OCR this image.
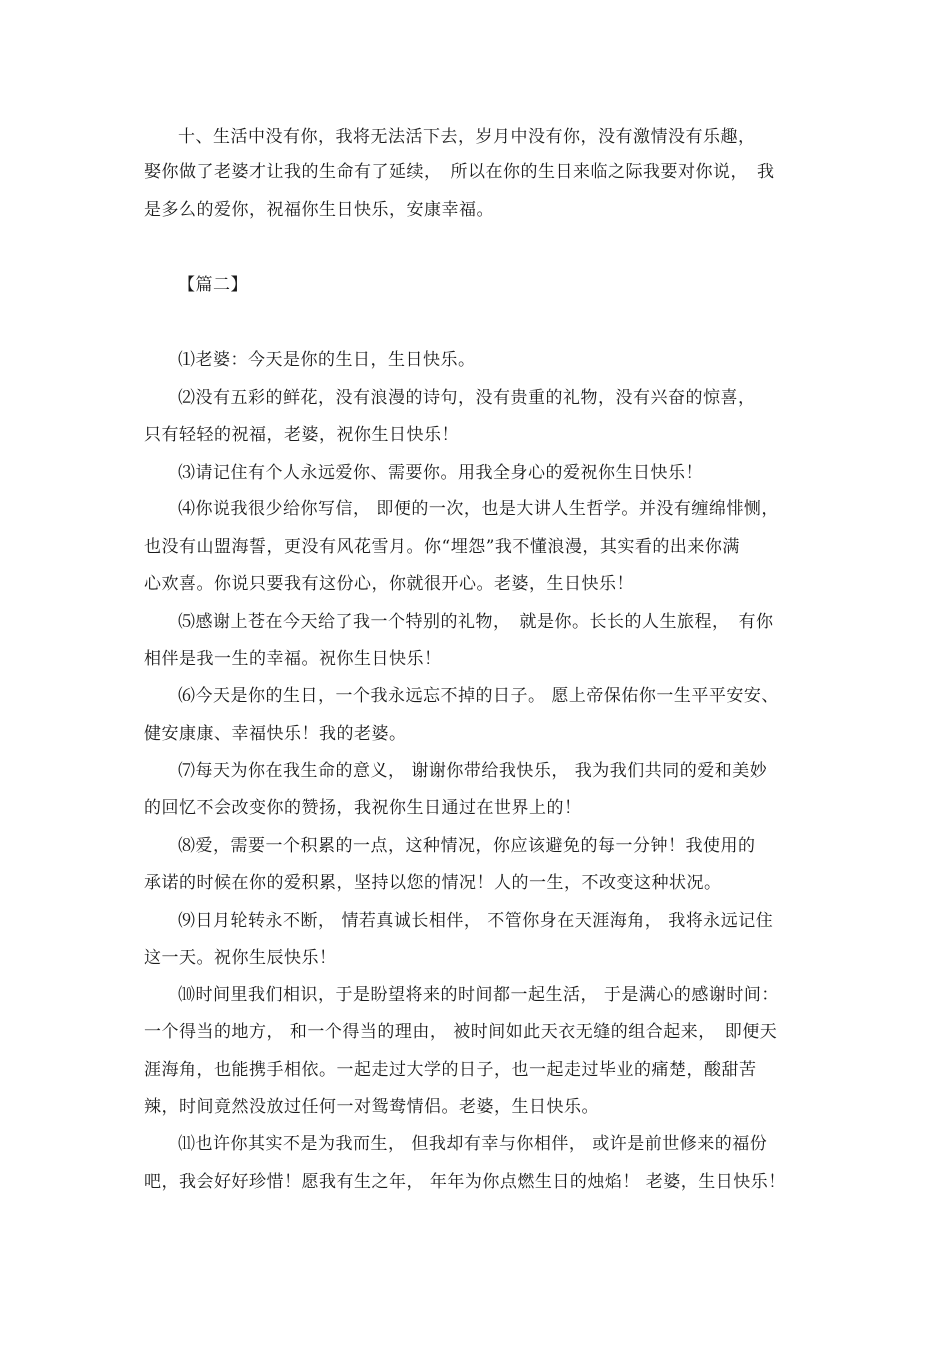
十、生活中没有你，我将无法活下去，岁月中没有你，没有激情没有乐趣，
娶你做了老婆才让我的生命有了延续，　所以在你的生日来临之际我要对你说，　我
是多么的爱你，祝福你生日快乐，安康幸福。
【篇二】
⑴老婆：今天是你的生日，生日快乐。
⑵没有五彩的鲜花，没有浪漫的诗句，没有贵重的礼物，没有兴奋的惊喜，
只有轻轻的祝福，老婆，祝你生日快乐！
⑶请记住有个人永远爱你、需要你。用我全身心的爱祝你生日快乐！
⑷你说我很少给你写信， 即便的一次，也是大讲人生哲学。并没有缠绵悱恻，
也没有山盟海誓，更没有风花雪月。你“埋怨”我不懂浪漫，其实看的出来你满
心欢喜。你说只要我有这份心，你就很开心。老婆，生日快乐！
⑸感谢上苍在今天给了我一个特别的礼物，　就是你。长长的人生旅程，　有你
相伴是我一生的幸福。祝你生日快乐！
⑹今天是你的生日，一个我永远忘不掉的日子。 愿上帝保佑你一生平平安安、
健安康康、幸福快乐！我的老婆。
⑺每天为你在我生命的意义， 谢谢你带给我快乐， 我为我们共同的爱和美妙
的回忆不会改变你的赞扬，我祝你生日通过在世界上的！
⑻爱，需要一个积累的一点，这种情况，你应该避免的每一分钟！我使用的
承诺的时候在你的爱积累，坚持以您的情况！人的一生，不改变这种状况。
⑼日月轮转永不断， 情若真诚长相伴， 不管你身在天涯海角， 我将永远记住
这一天。祝你生辰快乐！
⑽时间里我们相识，于是盼望将来的时间都一起生活， 于是满心的感谢时间：
一个得当的地方， 和一个得当的理由， 被时间如此天衣无缝的组合起来，　即便天
涯海角，也能携手相依。一起走过大学的日子，也一起走过毕业的痛楚，酸甜苦
辣，时间竟然没放过任何一对鸳鸯情侣。老婆，生日快乐。
⑾也许你其实不是为我而生， 但我却有幸与你相伴， 或许是前世修来的福份
吧，我会好好珍惜！愿我有生之年， 年年为你点燃生日的烛焰！ 老婆，生日快乐！
